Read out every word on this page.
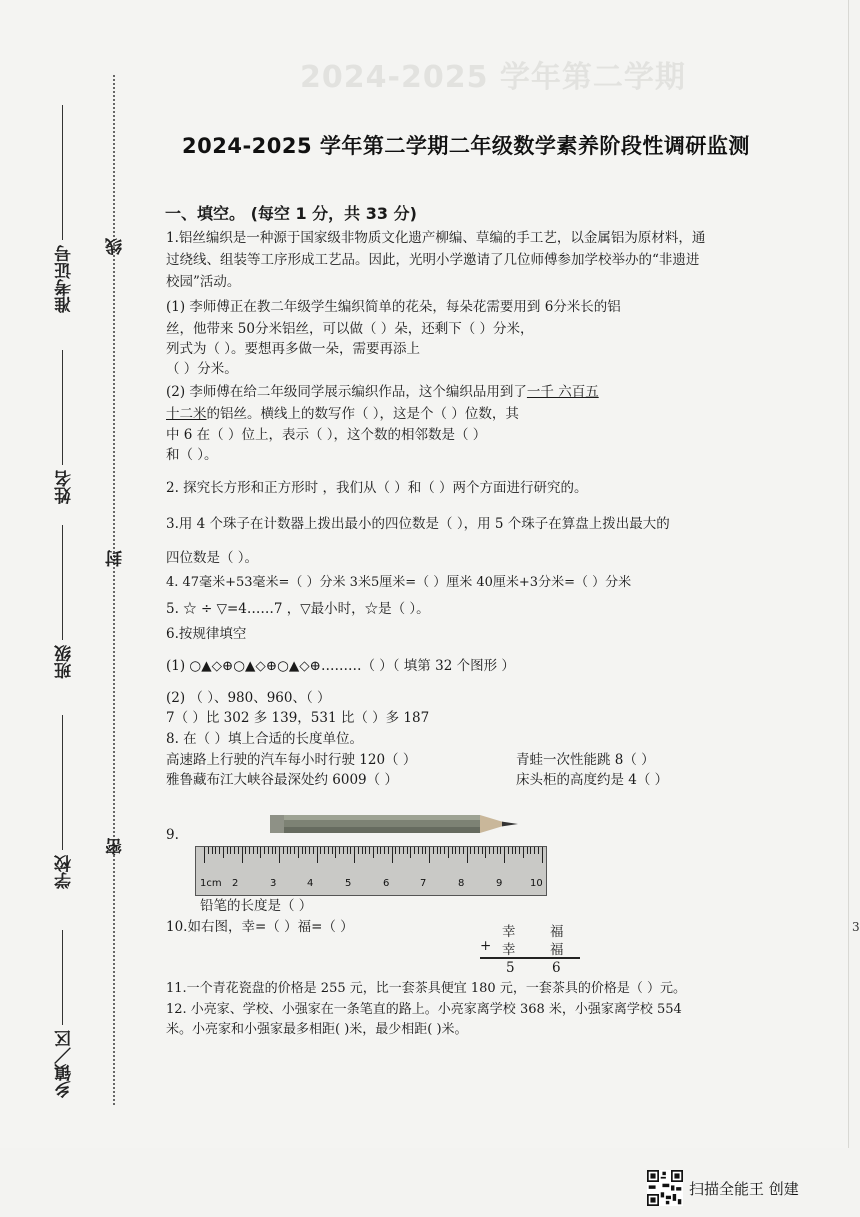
2024-2025 学年第二学期
准考证号
姓名
班级
学校
乡镇／区
线
封
密
2024-2025 学年第二学期二年级数学素养阶段性调研监测
一、填空。 (每空 1 分，共 33 分)
1.铝丝编织是一种源于国家级非物质文化遗产柳编、草编的手工艺，以金属铝为原材料，通
过绕线、组装等工序形成工艺品。因此，光明小学邀请了几位师傅参加学校举办的“非遗进
校园”活动。
(1) 李师傅正在教二年级学生编织简单的花朵，每朵花需要用到 6分米长的铝
丝，他带来 50分米铝丝，可以做（ ）朵，还剩下（ ）分米，
列式为（ ）。要想再多做一朵，需要再添上
（ ）分米。
(2) 李师傅在给二年级同学展示编织作品，这个编织品用到了一千 六百五
十二米的铝丝。横线上的数写作（ ），这是个（ ）位数，其
中 6 在（ ）位上，表示（ ），这个数的相邻数是（ ）
和（ ）。
2. 探究长方形和正方形时 ，我们从（ ）和（ ）两个方面进行研究的。
3.用 4 个珠子在计数器上拨出最小的四位数是（ ），用 5 个珠子在算盘上拨出最大的
四位数是（ ）。
4. 47毫米+53毫米=（ ）分米 3米5厘米=（ ）厘米 40厘米+3分米=（ ）分米
5. ☆ ÷ ▽=4……7 ，▽最小时，☆是（ ）。
6.按规律填空
(1) ○▲◇⊕○▲◇⊕○▲◇⊕………（ ）（ 填第 32 个图形 ）
(2) （ ）、980、960、（ ）
7（ ）比 302 多 139，531 比（ ）多 187
8. 在（ ）填上合适的长度单位。
高速路上行驶的汽车每小时行驶 120（ ）	青蛙一次性能跳 8（ ）
雅鲁藏布江大峡谷最深处约 6009（ ）	床头柜的高度约是 4（ ）
9.
1cm 2	3	4	5	6	7	8	9	10
铅笔的长度是（ ）
10.如右图，幸=（ ）福=（ ）	幸	福
+ 幸	福
5	6
11.一个青花瓷盘的价格是 255 元，比一套茶具便宜 180 元，一套茶具的价格是（ ）元。
12. 小亮家、学校、小强家在一条笔直的路上。小亮家离学校 368 米，小强家离学校 554
米。小亮家和小强家最多相距( )米，最少相距( )米。
3
扫描全能王 创建
